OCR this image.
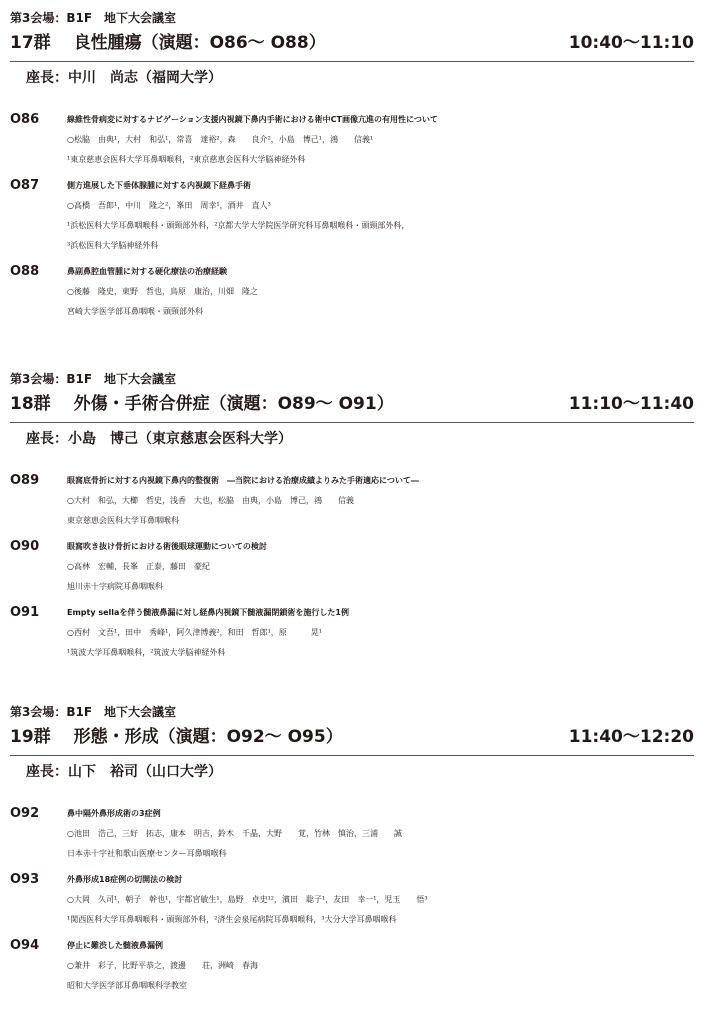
第3会場：B1F　地下大会議室
17群　 良性腫瘍（演題：O86～ O88）	10:40～11:10
座長：中川　尚志（福岡大学）
O86	線維性骨病変に対するナビゲーション支援内視鏡下鼻内手術における術中CT画像亢進の有用性について
○松脇　由典¹，大村　和弘¹，常喜　達裕²，森　　良介²，小島　博己¹，鴻　　信義¹
¹東京慈恵会医科大学耳鼻咽喉科，²東京慈恵会医科大学脳神経外科
O87	側方進展した下垂体腺腫に対する内視鏡下経鼻手術
○高橋　吾郎¹，中川　隆之²，峯田　周幸¹，酒井　直人³
¹浜松医科大学耳鼻咽喉科・頭頸部外科，²京都大学大学院医学研究科耳鼻咽喉科・頭頸部外科，
³浜松医科大学脳神経外科
O88	鼻副鼻腔血管腫に対する硬化療法の治療経験
○後藤　隆史，東野　哲也，鳥原　康治，川畑　隆之
宮崎大学医学部耳鼻咽喉・頭頸部外科
第3会場：B1F　地下大会議室
18群　 外傷・手術合併症（演題：O89～ O91）	11:10～11:40
座長：小島　博己（東京慈恵会医科大学）
O89	眼窩底骨折に対する内視鏡下鼻内的整復術　―当院における治療成績よりみた手術適応について―
○大村　和弘，大櫛　哲史，浅香　大也，松脇　由典，小島　博己，鴻　　信義
東京慈恵会医科大学耳鼻咽喉科
O90	眼窩吹き抜け骨折における術後眼球運動についての検討
○高林　宏輔，長峯　正泰，藤田　豪紀
旭川赤十字病院耳鼻咽喉科
O91	Empty sellaを伴う髄液鼻漏に対し経鼻内視鏡下髄液漏閉鎖術を施行した1例
○西村　文吾¹，田中　秀峰¹，阿久津博義²，和田　哲郎¹，原　　　晃¹
¹筑波大学耳鼻咽喉科，²筑波大学脳神経外科
第3会場：B1F　地下大会議室
19群　 形態・形成（演題：O92～ O95）	11:40～12:20
座長：山下　裕司（山口大学）
O92	鼻中隔外鼻形成術の3症例
○池田　浩己，三好　拓志，康本　明吉，鈴木　千晶，大野　　覚，竹林　慎治，三浦　　誠
日本赤十字社和歌山医療センター耳鼻咽喉科
O93	外鼻形成18症例の切開法の検討
○大岡　久司¹，朝子　幹也¹，宇都宮敏生¹，島野　卓史¹²，濱田　聡子¹，友田　幸一¹，児玉　　悟³
¹関西医科大学耳鼻咽喉科・頭頸部外科，²済生会泉尾病院耳鼻咽喉科，³大分大学耳鼻咽喉科
O94	停止に難渋した髄液鼻漏例
○兼井　彩子，比野平恭之，渡邊　　荘，洲崎　春海
昭和大学医学部耳鼻咽喉科学教室
